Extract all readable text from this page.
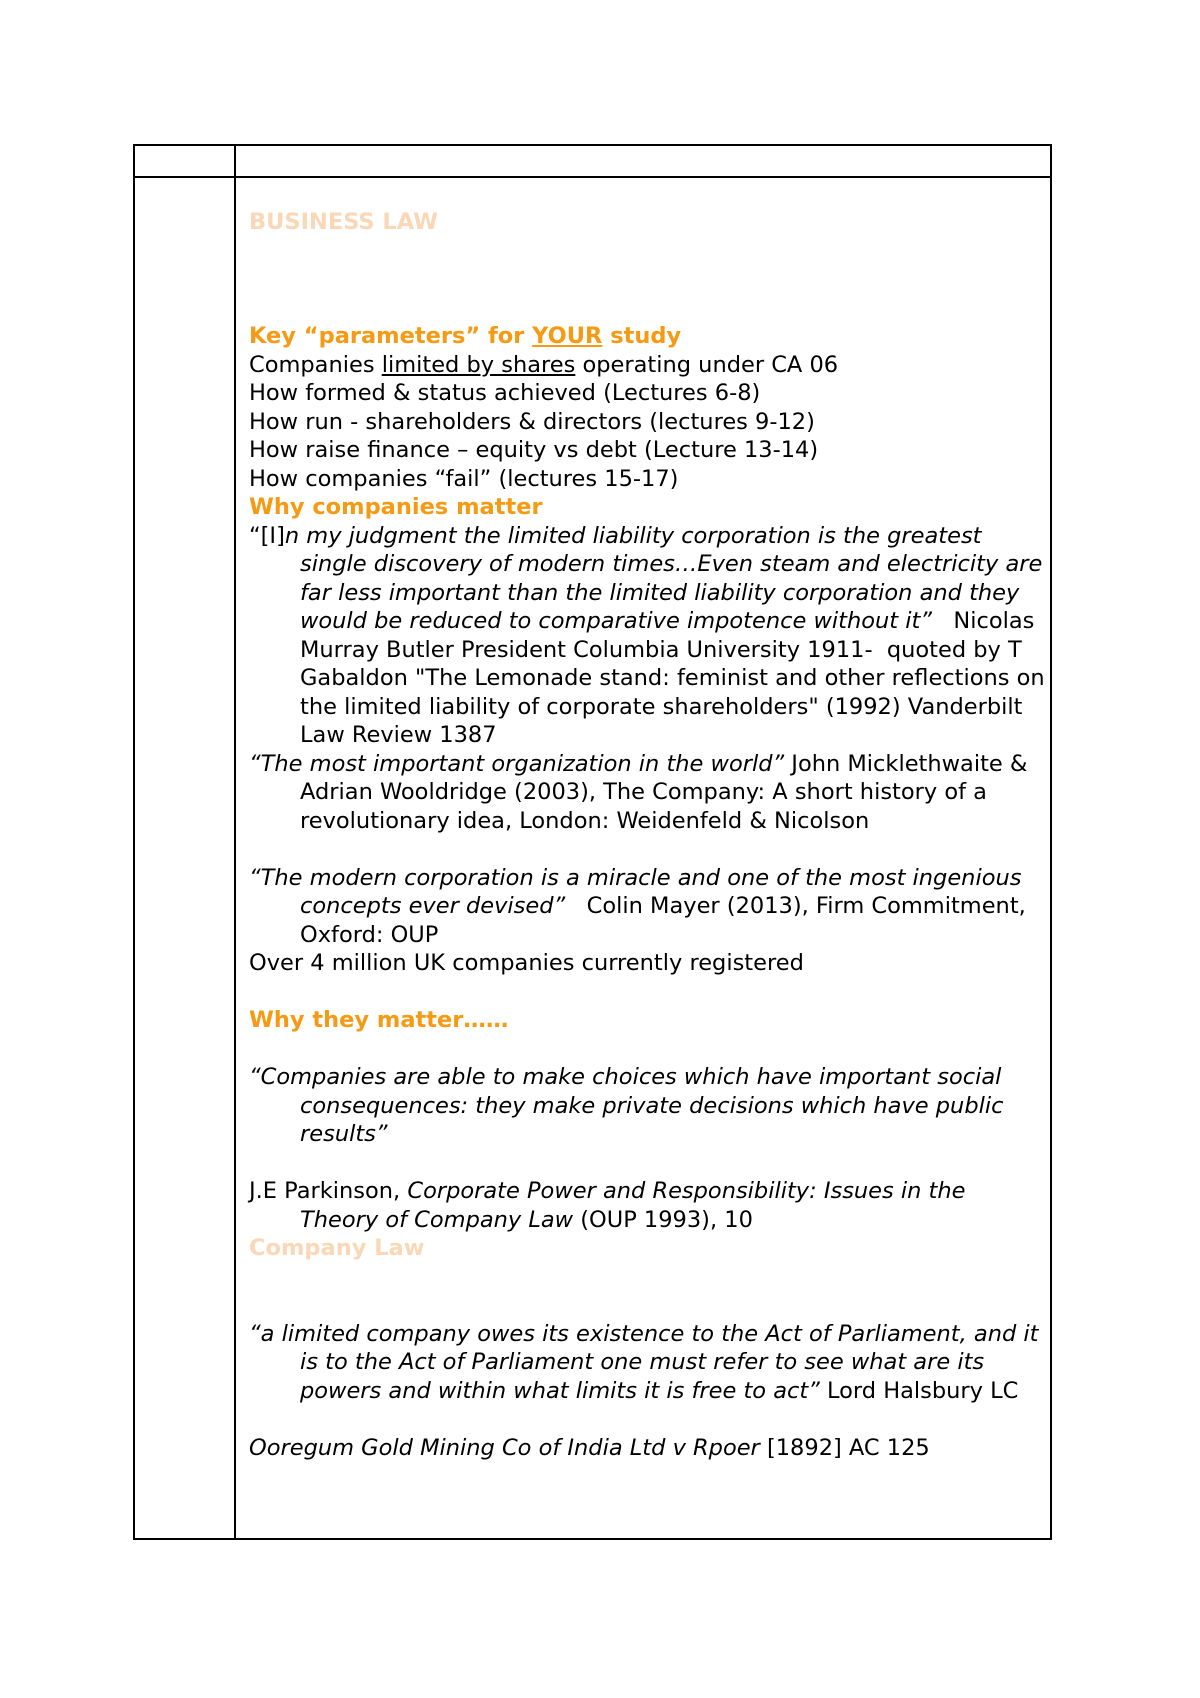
BUSINESS LAW

Key “parameters” for YOUR study

Companies limited by shares operating under CA 06

How formed & status achieved (Lectures 6-8)

How run - shareholders & directors (lectures 9-12)

How raise finance – equity vs debt (Lecture 13-14)

How companies “fail” (lectures 15-17)

Why companies matter

“[I]n my judgment the limited liability corporation is the greatest single discovery of modern times…Even steam and electricity are far less important than the limited liability corporation and they would be reduced to comparative impotence without it”   Nicolas Murray Butler President Columbia University 1911-  quoted by T Gabaldon "The Lemonade stand: feminist and other reflections on the limited liability of corporate shareholders" (1992) Vanderbilt Law Review 1387

“The most important organization in the world” John Micklethwaite & Adrian Wooldridge (2003), The Company: A short history of a revolutionary idea, London: Weidenfeld & Nicolson

“The modern corporation is a miracle and one of the most ingenious concepts ever devised”   Colin Mayer (2013), Firm Commitment, Oxford: OUP

Over 4 million UK companies currently registered

Why they matter……

“Companies are able to make choices which have important social consequences: they make private decisions which have public results”

J.E Parkinson, Corporate Power and Responsibility: Issues in the Theory of Company Law (OUP 1993), 10

Company Law

“a limited company owes its existence to the Act of Parliament, and it is to the Act of Parliament one must refer to see what are its powers and within what limits it is free to act” Lord Halsbury LC

Ooregum Gold Mining Co of India Ltd v Rpoer [1892] AC 125
